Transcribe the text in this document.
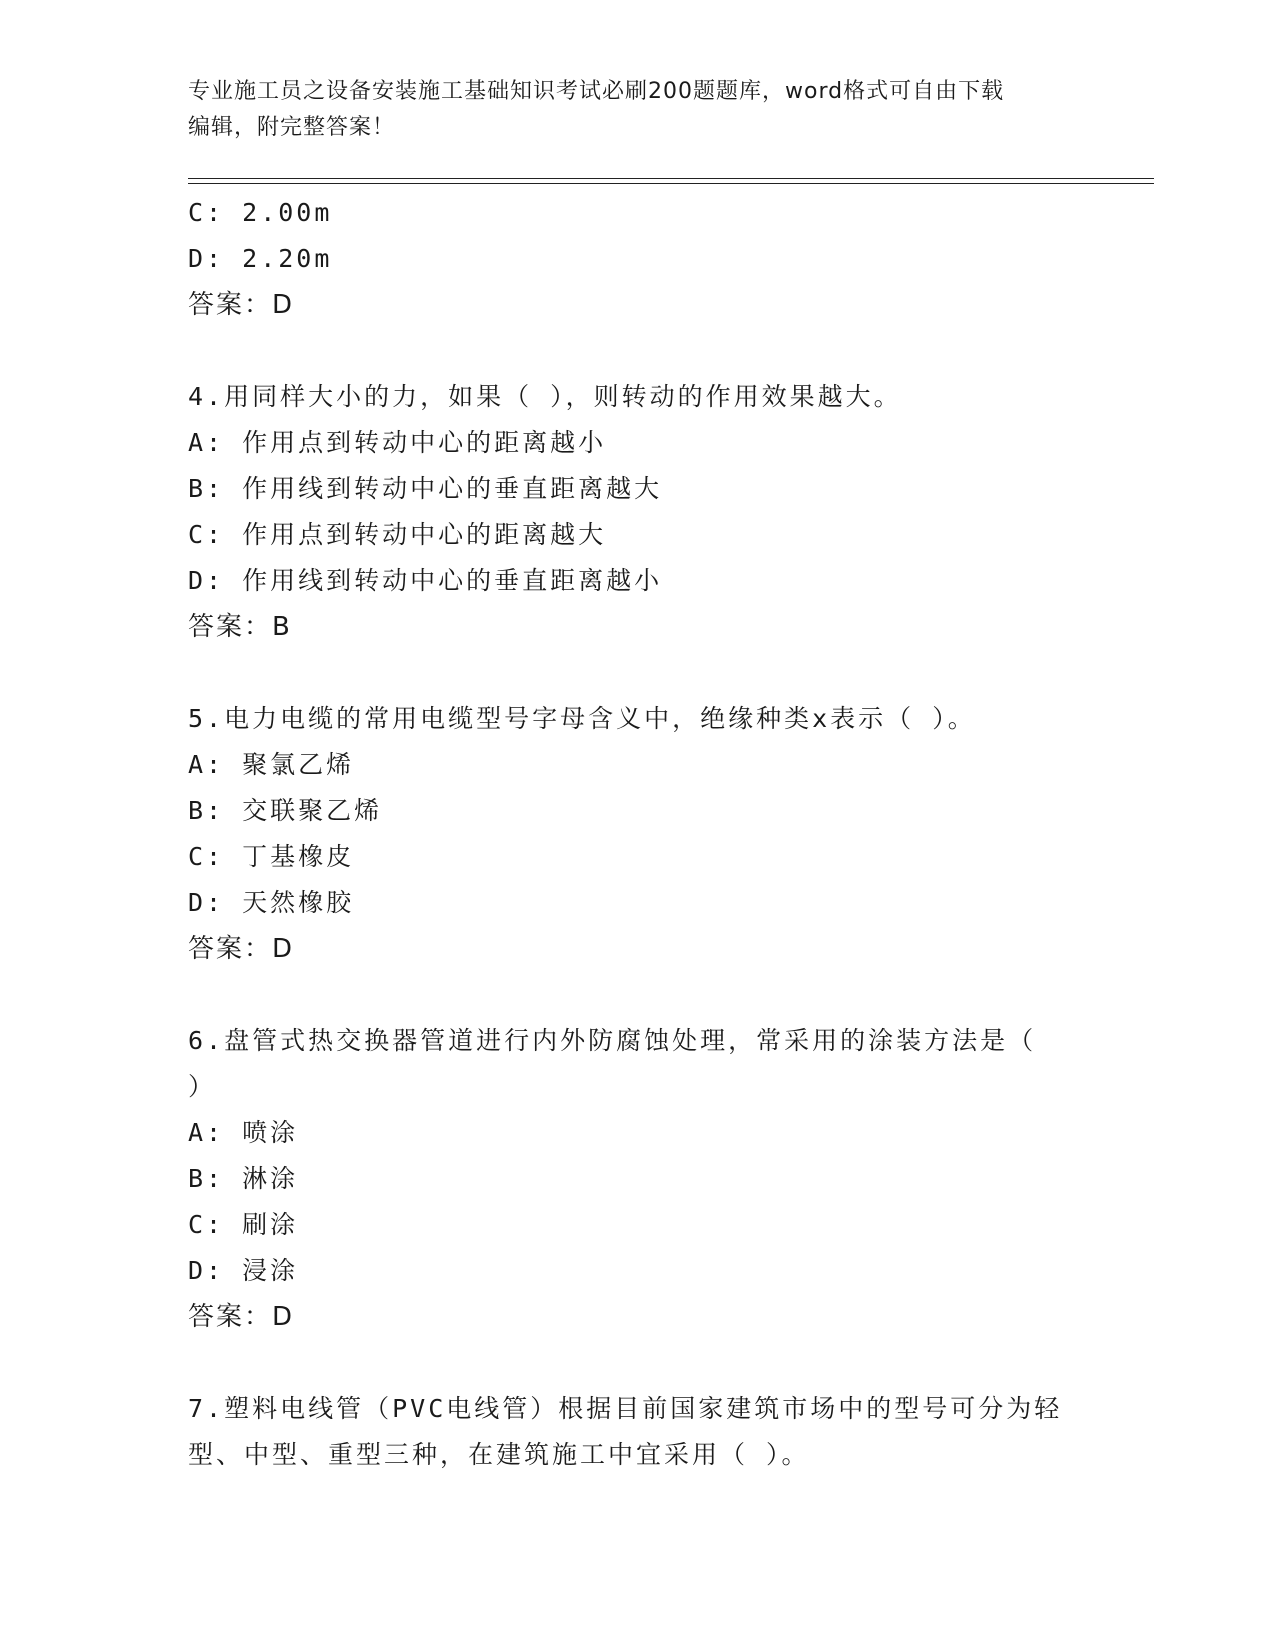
专业施工员之设备安装施工基础知识考试必刷200题题库，word格式可自由下载
编辑，附完整答案！
C: 2.00m
D: 2.20m
答案：D
4.用同样大小的力，如果（ ），则转动的作用效果越大。
A: 作用点到转动中心的距离越小
B: 作用线到转动中心的垂直距离越大
C: 作用点到转动中心的距离越大
D: 作用线到转动中心的垂直距离越小
答案：B
5.电力电缆的常用电缆型号字母含义中，绝缘种类x表示（ ）。
A: 聚氯乙烯
B: 交联聚乙烯
C: 丁基橡皮
D: 天然橡胶
答案：D
6.盘管式热交换器管道进行内外防腐蚀处理，常采用的涂装方法是（
）
A: 喷涂
B: 淋涂
C: 刷涂
D: 浸涂
答案：D
7.塑料电线管（PVC电线管）根据目前国家建筑市场中的型号可分为轻
型、中型、重型三种，在建筑施工中宜采用（ ）。
